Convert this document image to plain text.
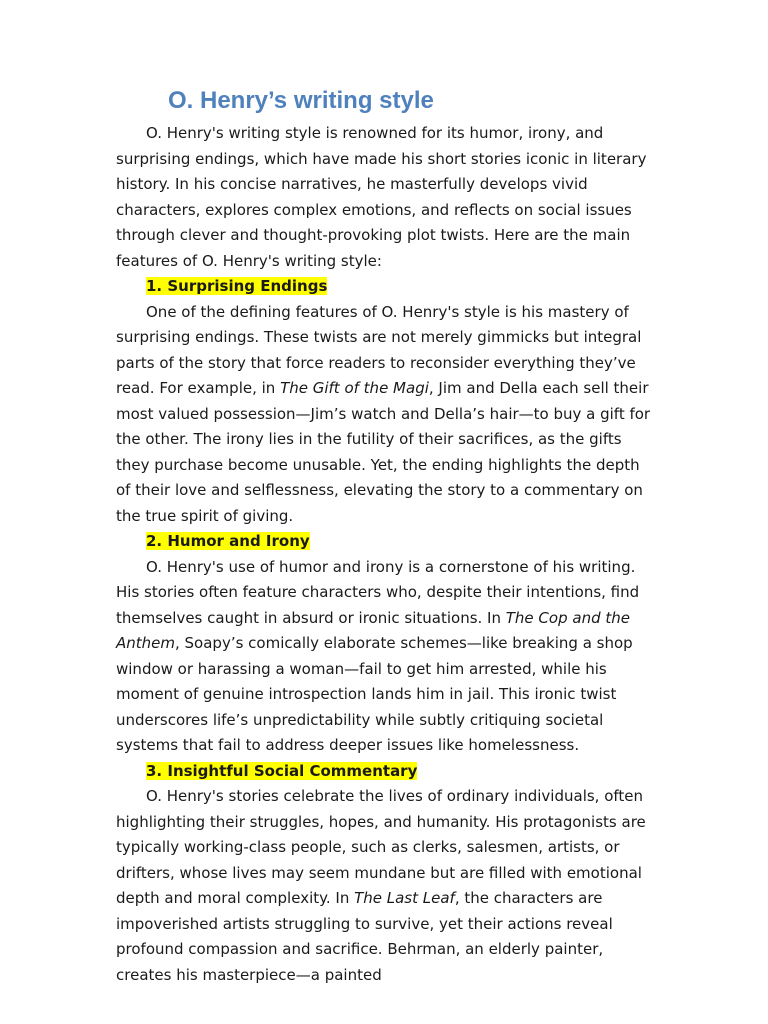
O. Henry’s writing style

O. Henry's writing style is renowned for its humor, irony, and surprising endings, which have made his short stories iconic in literary history. In his concise narratives, he masterfully develops vivid characters, explores complex emotions, and reflects on social issues through clever and thought-provoking plot twists. Here are the main features of O. Henry's writing style:

1. Surprising Endings

One of the defining features of O. Henry's style is his mastery of surprising endings. These twists are not merely gimmicks but integral parts of the story that force readers to reconsider everything they’ve read. For example, in The Gift of the Magi, Jim and Della each sell their most valued possession—Jim’s watch and Della’s hair—to buy a gift for the other. The irony lies in the futility of their sacrifices, as the gifts they purchase become unusable. Yet, the ending highlights the depth of their love and selflessness, elevating the story to a commentary on the true spirit of giving.

2. Humor and Irony

O. Henry's use of humor and irony is a cornerstone of his writing. His stories often feature characters who, despite their intentions, find themselves caught in absurd or ironic situations. In The Cop and the Anthem, Soapy’s comically elaborate schemes—like breaking a shop window or harassing a woman—fail to get him arrested, while his moment of genuine introspection lands him in jail. This ironic twist underscores life’s unpredictability while subtly critiquing societal systems that fail to address deeper issues like homelessness.

3. Insightful Social Commentary

O. Henry's stories celebrate the lives of ordinary individuals, often highlighting their struggles, hopes, and humanity. His protagonists are typically working-class people, such as clerks, salesmen, artists, or drifters, whose lives may seem mundane but are filled with emotional depth and moral complexity. In The Last Leaf, the characters are impoverished artists struggling to survive, yet their actions reveal profound compassion and sacrifice. Behrman, an elderly painter, creates his masterpiece—a painted
